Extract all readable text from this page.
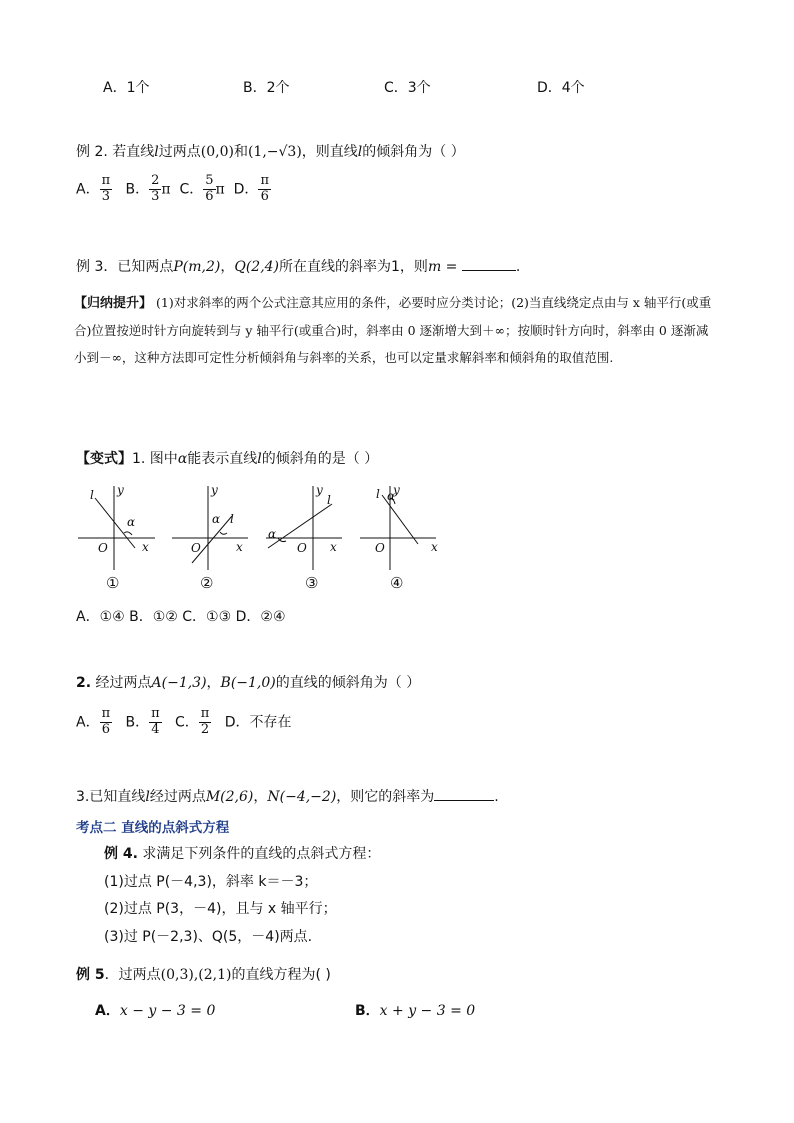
A．1个	B．2个	C．3个	D．4个
例 2. 若直线l过两点(0,0)和(1,−√3)，则直线l的倾斜角为（ ）
A． $\frac{\pi}{3}$ B． $\frac{2}{3}$ π C． $\frac{5}{6}$ π D． $\frac{\pi}{6}$
例 3．已知两点P(m,2)，Q(2,4)所在直线的斜率为1，则m =	.
【归纳提升】 (1)对求斜率的两个公式注意其应用的条件，必要时应分类讨论；(2)当直线绕定点由与 x 轴平行(或重合)位置按逆时针方向旋转到与 y 轴平行(或重合)时，斜率由 0 逐渐增大到＋∞；按顺时针方向时，斜率由 0 逐渐减小到－∞，这种方法即可定性分析倾斜角与斜率的关系，也可以定量求解斜率和倾斜角的取值范围.
【变式】1. 图中α能表示直线l的倾斜角的是（ ）
l y
x
O
α
y
x
O
α l
y
x
O
α
l
y
x
O
α
l
①	②	③	④
A．①④ B．①② C．①③ D．②④
2. 经过两点A(−1,3)，B(−1,0)的直线的倾斜角为（ ）
A． $\frac{\pi}{6}$ B． $\frac{\pi}{4}$ C． $\frac{\pi}{2}$ D．不存在
3.已知直线l经过两点M(2,6)，N(−4,−2)，则它的斜率为	.
考点二 直线的点斜式方程
例 4. 求满足下列条件的直线的点斜式方程：
(1)过点 P(－4,3)，斜率 k＝－3；
(2)过点 P(3，－4)，且与 x 轴平行；
(3)过 P(－2,3)、Q(5，－4)两点.
例 5．过两点(0,3),(2,1)的直线方程为( )
A．x − y − 3 = 0	B．x + y − 3 = 0
